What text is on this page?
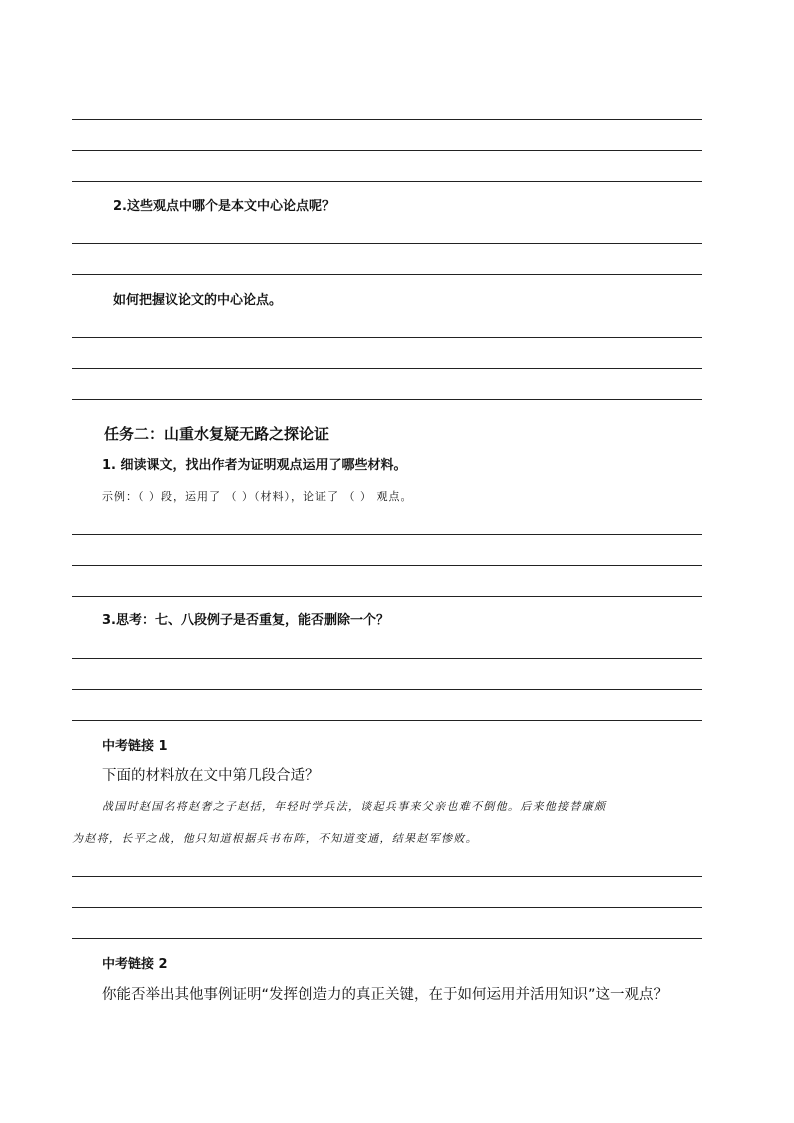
2.这些观点中哪个是本文中心论点呢？
如何把握议论文的中心论点。
任务二：山重水复疑无路之探论证
1. 细读课文，找出作者为证明观点运用了哪些材料。
示例：（ ）段，运用了 （ ）（材料），论证了 （ ） 观点。
3.思考：七、八段例子是否重复，能否删除一个？
中考链接 1
下面的材料放在文中第几段合适？
战国时赵国名将赵奢之子赵括，年轻时学兵法，谈起兵事来父亲也难不倒他。后来他接替廉颇
为赵将，长平之战，他只知道根据兵书布阵，不知道变通，结果赵军惨败。
中考链接 2
你能否举出其他事例证明“发挥创造力的真正关键，在于如何运用并活用知识”这一观点？
